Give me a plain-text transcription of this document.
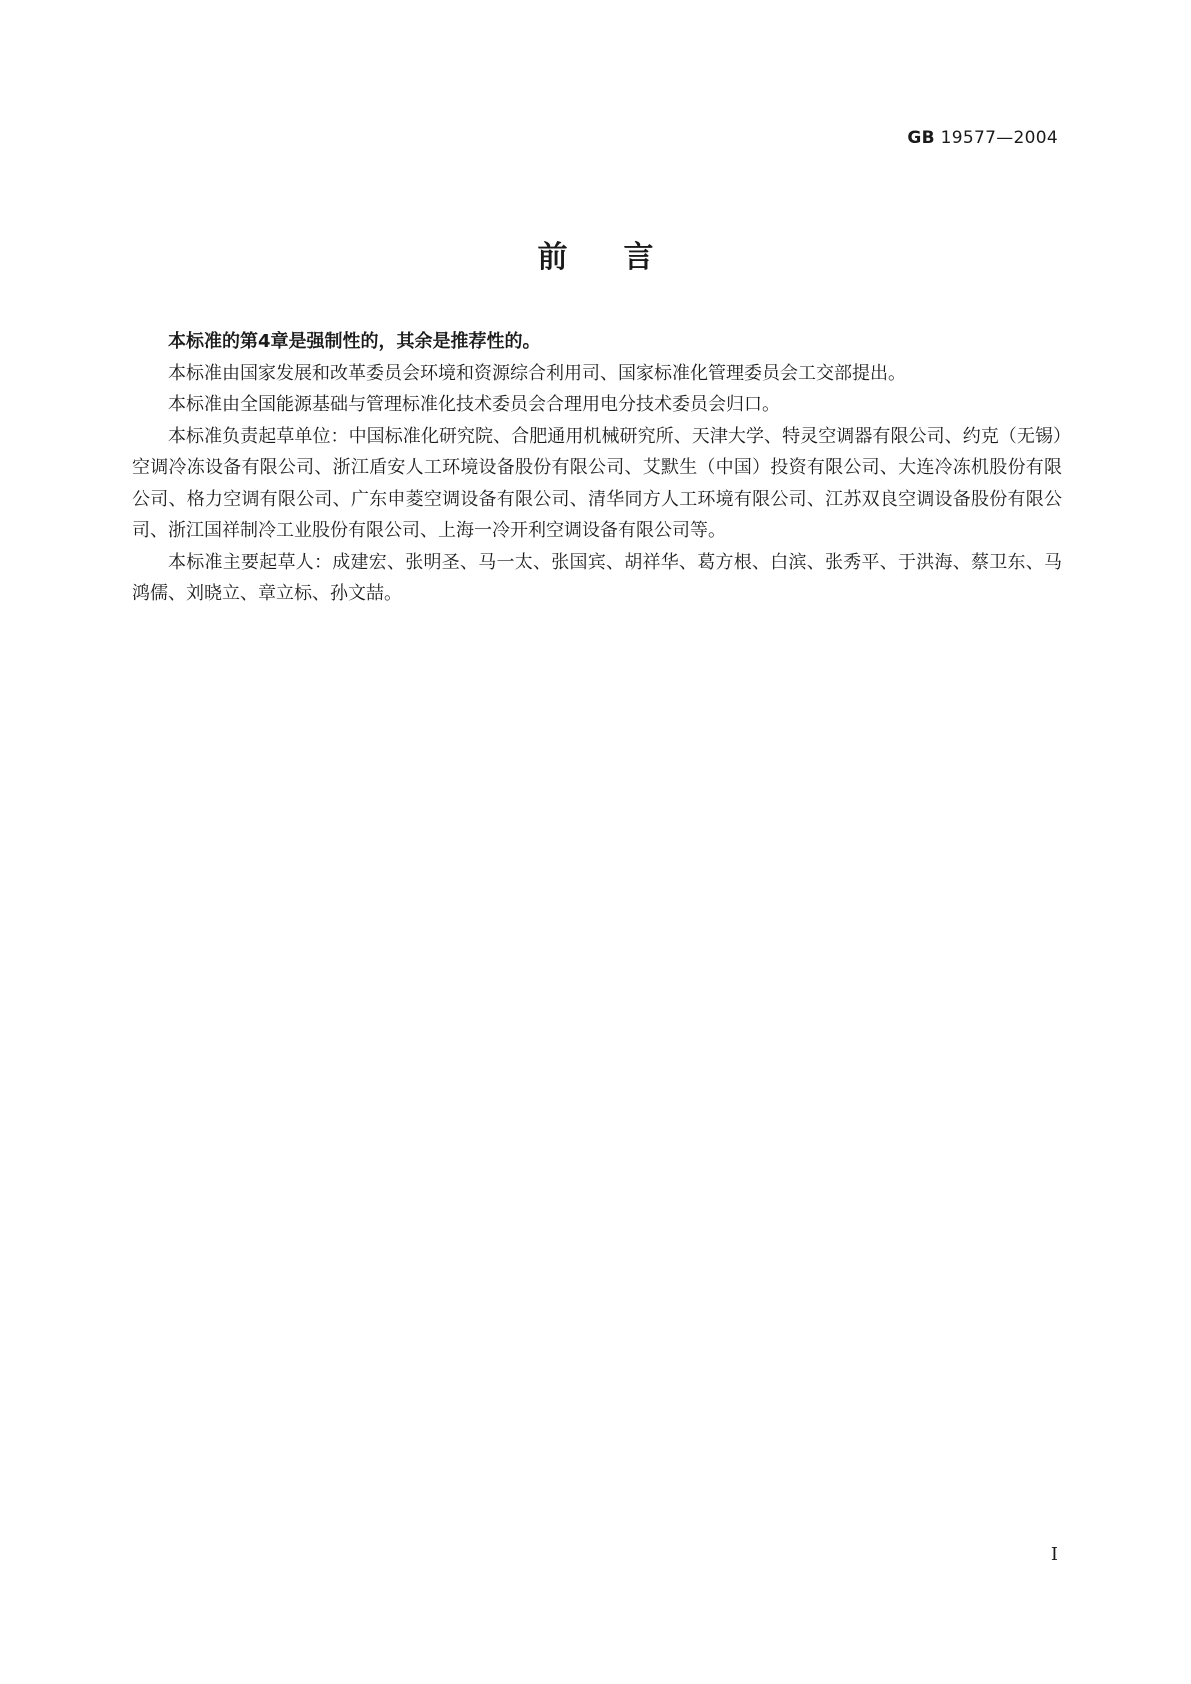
GB 19577—2004
前言

本标准的第4章是强制性的，其余是推荐性的。

本标准由国家发展和改革委员会环境和资源综合利用司、国家标准化管理委员会工交部提出。

本标准由全国能源基础与管理标准化技术委员会合理用电分技术委员会归口。

本标准负责起草单位：中国标准化研究院、合肥通用机械研究所、天津大学、特灵空调器有限公司、约克（无锡）空调冷冻设备有限公司、浙江盾安人工环境设备股份有限公司、艾默生（中国）投资有限公司、大连冷冻机股份有限公司、格力空调有限公司、广东申菱空调设备有限公司、清华同方人工环境有限公司、江苏双良空调设备股份有限公司、浙江国祥制冷工业股份有限公司、上海一冷开利空调设备有限公司等。

本标准主要起草人：成建宏、张明圣、马一太、张国宾、胡祥华、葛方根、白滨、张秀平、于洪海、蔡卫东、马鸿儒、刘晓立、章立标、孙文喆。

I
